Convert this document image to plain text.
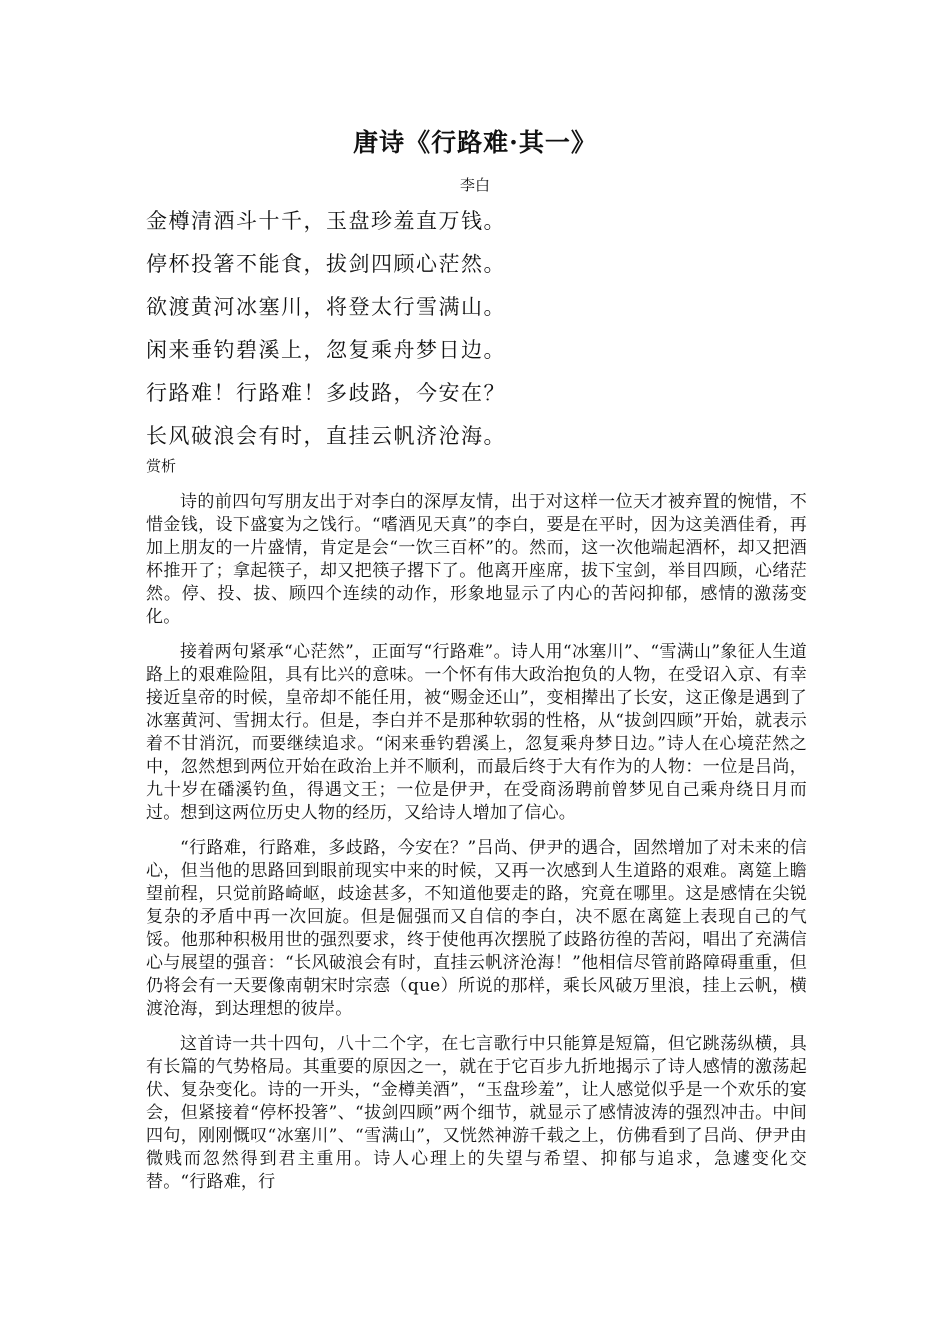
唐诗《行路难·其一》
李白
金樽清酒斗十千，玉盘珍羞直万钱。
停杯投箸不能食，拔剑四顾心茫然。
欲渡黄河冰塞川，将登太行雪满山。
闲来垂钓碧溪上，忽复乘舟梦日边。
行路难！行路难！多歧路，今安在？
长风破浪会有时，直挂云帆济沧海。
赏析

诗的前四句写朋友出于对李白的深厚友情，出于对这样一位天才被弃置的惋惜，不惜金钱，设下盛宴为之饯行。“嗜酒见天真”的李白，要是在平时，因为这美酒佳肴，再加上朋友的一片盛情，肯定是会“一饮三百杯”的。然而，这一次他端起酒杯，却又把酒杯推开了；拿起筷子，却又把筷子撂下了。他离开座席，拔下宝剑，举目四顾，心绪茫然。停、投、拔、顾四个连续的动作，形象地显示了内心的苦闷抑郁，感情的激荡变化。

接着两句紧承“心茫然”，正面写“行路难”。诗人用“冰塞川”、“雪满山”象征人生道路上的艰难险阻，具有比兴的意味。一个怀有伟大政治抱负的人物，在受诏入京、有幸接近皇帝的时候，皇帝却不能任用，被“赐金还山”，变相撵出了长安，这正像是遇到了冰塞黄河、雪拥太行。但是，李白并不是那种软弱的性格，从“拔剑四顾”开始，就表示着不甘消沉，而要继续追求。“闲来垂钓碧溪上，忽复乘舟梦日边。”诗人在心境茫然之中，忽然想到两位开始在政治上并不顺利，而最后终于大有作为的人物：一位是吕尚，九十岁在磻溪钓鱼，得遇文王；一位是伊尹，在受商汤聘前曾梦见自己乘舟绕日月而过。想到这两位历史人物的经历，又给诗人增加了信心。

“行路难，行路难，多歧路，今安在？”吕尚、伊尹的遇合，固然增加了对未来的信心，但当他的思路回到眼前现实中来的时候，又再一次感到人生道路的艰难。离筵上瞻望前程，只觉前路崎岖，歧途甚多，不知道他要走的路，究竟在哪里。这是感情在尖锐复杂的矛盾中再一次回旋。但是倔强而又自信的李白，决不愿在离筵上表现自己的气馁。他那种积极用世的强烈要求，终于使他再次摆脱了歧路彷徨的苦闷，唱出了充满信心与展望的强音：“长风破浪会有时，直挂云帆济沧海！”他相信尽管前路障碍重重，但仍将会有一天要像南朝宋时宗悫（que）所说的那样，乘长风破万里浪，挂上云帆，横渡沧海，到达理想的彼岸。

这首诗一共十四句，八十二个字，在七言歌行中只能算是短篇，但它跳荡纵横，具有长篇的气势格局。其重要的原因之一，就在于它百步九折地揭示了诗人感情的激荡起伏、复杂变化。诗的一开头，“金樽美酒”，“玉盘珍羞”，让人感觉似乎是一个欢乐的宴会，但紧接着“停杯投箸”、“拔剑四顾”两个细节，就显示了感情波涛的强烈冲击。中间四句，刚刚慨叹“冰塞川”、“雪满山”，又恍然神游千载之上，仿佛看到了吕尚、伊尹由微贱而忽然得到君主重用。诗人心理上的失望与希望、抑郁与追求，急遽变化交替。“行路难，行
